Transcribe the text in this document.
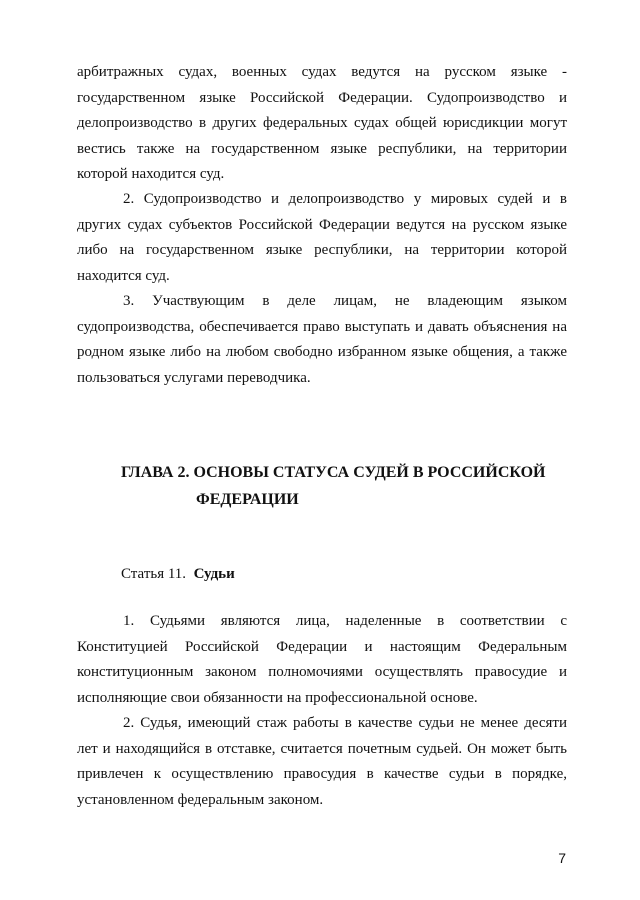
арбитражных судах, военных судах ведутся на русском языке - государственном языке Российской Федерации. Судопроизводство и делопроизводство в других федеральных судах общей юрисдикции могут вестись также на государственном языке республики, на территории которой находится суд.

2. Судопроизводство и делопроизводство у мировых судей и в других судах субъектов Российской Федерации ведутся на русском языке либо на государственном языке республики, на территории которой находится суд.

3. Участвующим в деле лицам, не владеющим языком судопроизводства, обеспечивается право выступать и давать объяснения на родном языке либо на любом свободно избранном языке общения, а также пользоваться услугами переводчика.

ГЛАВА 2. ОСНОВЫ СТАТУСА СУДЕЙ В РОССИЙСКОЙ
ФЕДЕРАЦИИ

Статья 11. Судьи

1. Судьями являются лица, наделенные в соответствии с Конституцией Российской Федерации и настоящим Федеральным конституционным законом полномочиями осуществлять правосудие и исполняющие свои обязанности на профессиональной основе.

2. Судья, имеющий стаж работы в качестве судьи не менее десяти лет и находящийся в отставке, считается почетным судьей. Он может быть привлечен к осуществлению правосудия в качестве судьи в порядке, установленном федеральным законом.

7
